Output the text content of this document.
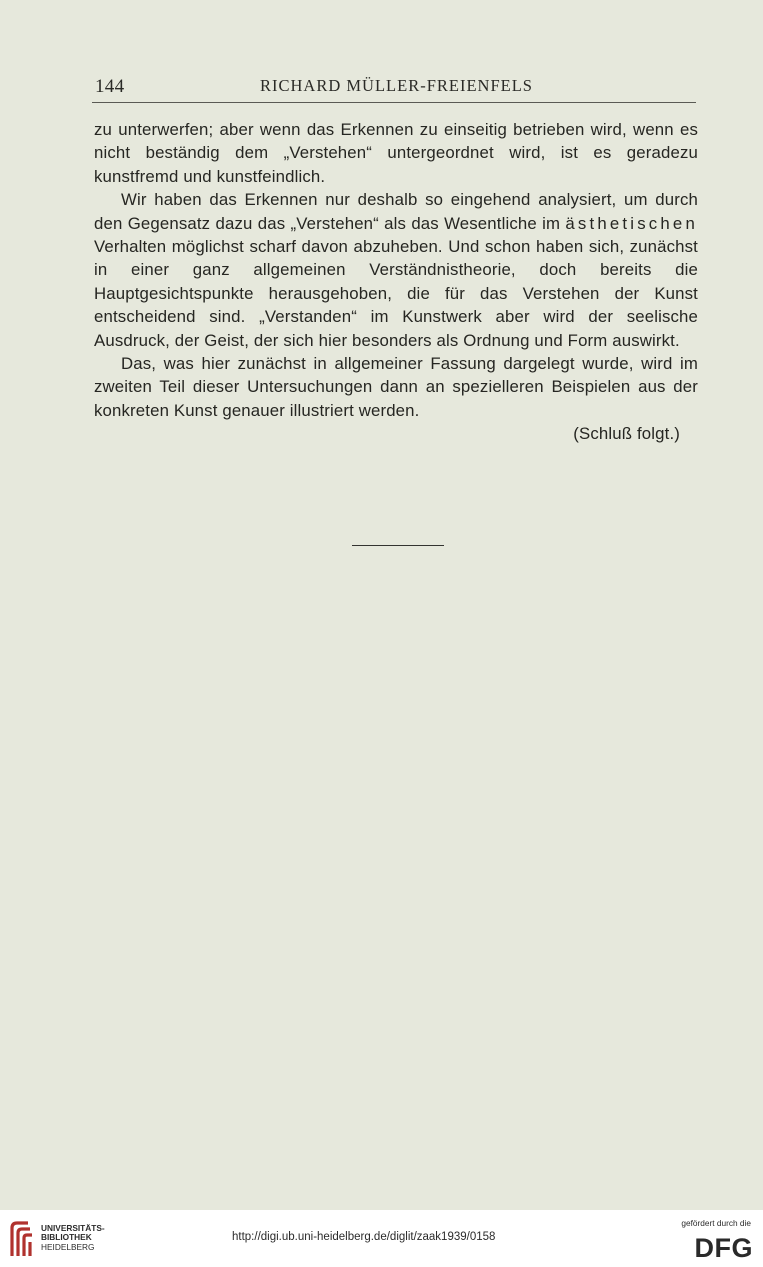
144	RICHARD MÜLLER-FREIENFELS

zu unterwerfen; aber wenn das Erkennen zu einseitig betrieben wird, wenn es nicht beständig dem „Verstehen“ untergeordnet wird, ist es geradezu kunstfremd und kunstfeindlich.

Wir haben das Erkennen nur deshalb so eingehend analysiert, um durch den Gegensatz dazu das „Verstehen“ als das Wesentliche im ästhetischen Verhalten möglichst scharf davon abzuheben. Und schon haben sich, zunächst in einer ganz allgemeinen Verständnistheorie, doch bereits die Hauptgesichtspunkte herausgehoben, die für das Verstehen der Kunst entscheidend sind. „Verstanden“ im Kunstwerk aber wird der seelische Ausdruck, der Geist, der sich hier besonders als Ordnung und Form auswirkt.

Das, was hier zunächst in allgemeiner Fassung dargelegt wurde, wird im zweiten Teil dieser Untersuchungen dann an spezielleren Beispielen aus der konkreten Kunst genauer illustriert werden.

(Schluß folgt.)

UNIVERSITÄTS-
BIBLIOTHEK
HEIDELBERG
http://digi.ub.uni-heidelberg.de/diglit/zaak1939/0158
gefördert durch die
DFG
